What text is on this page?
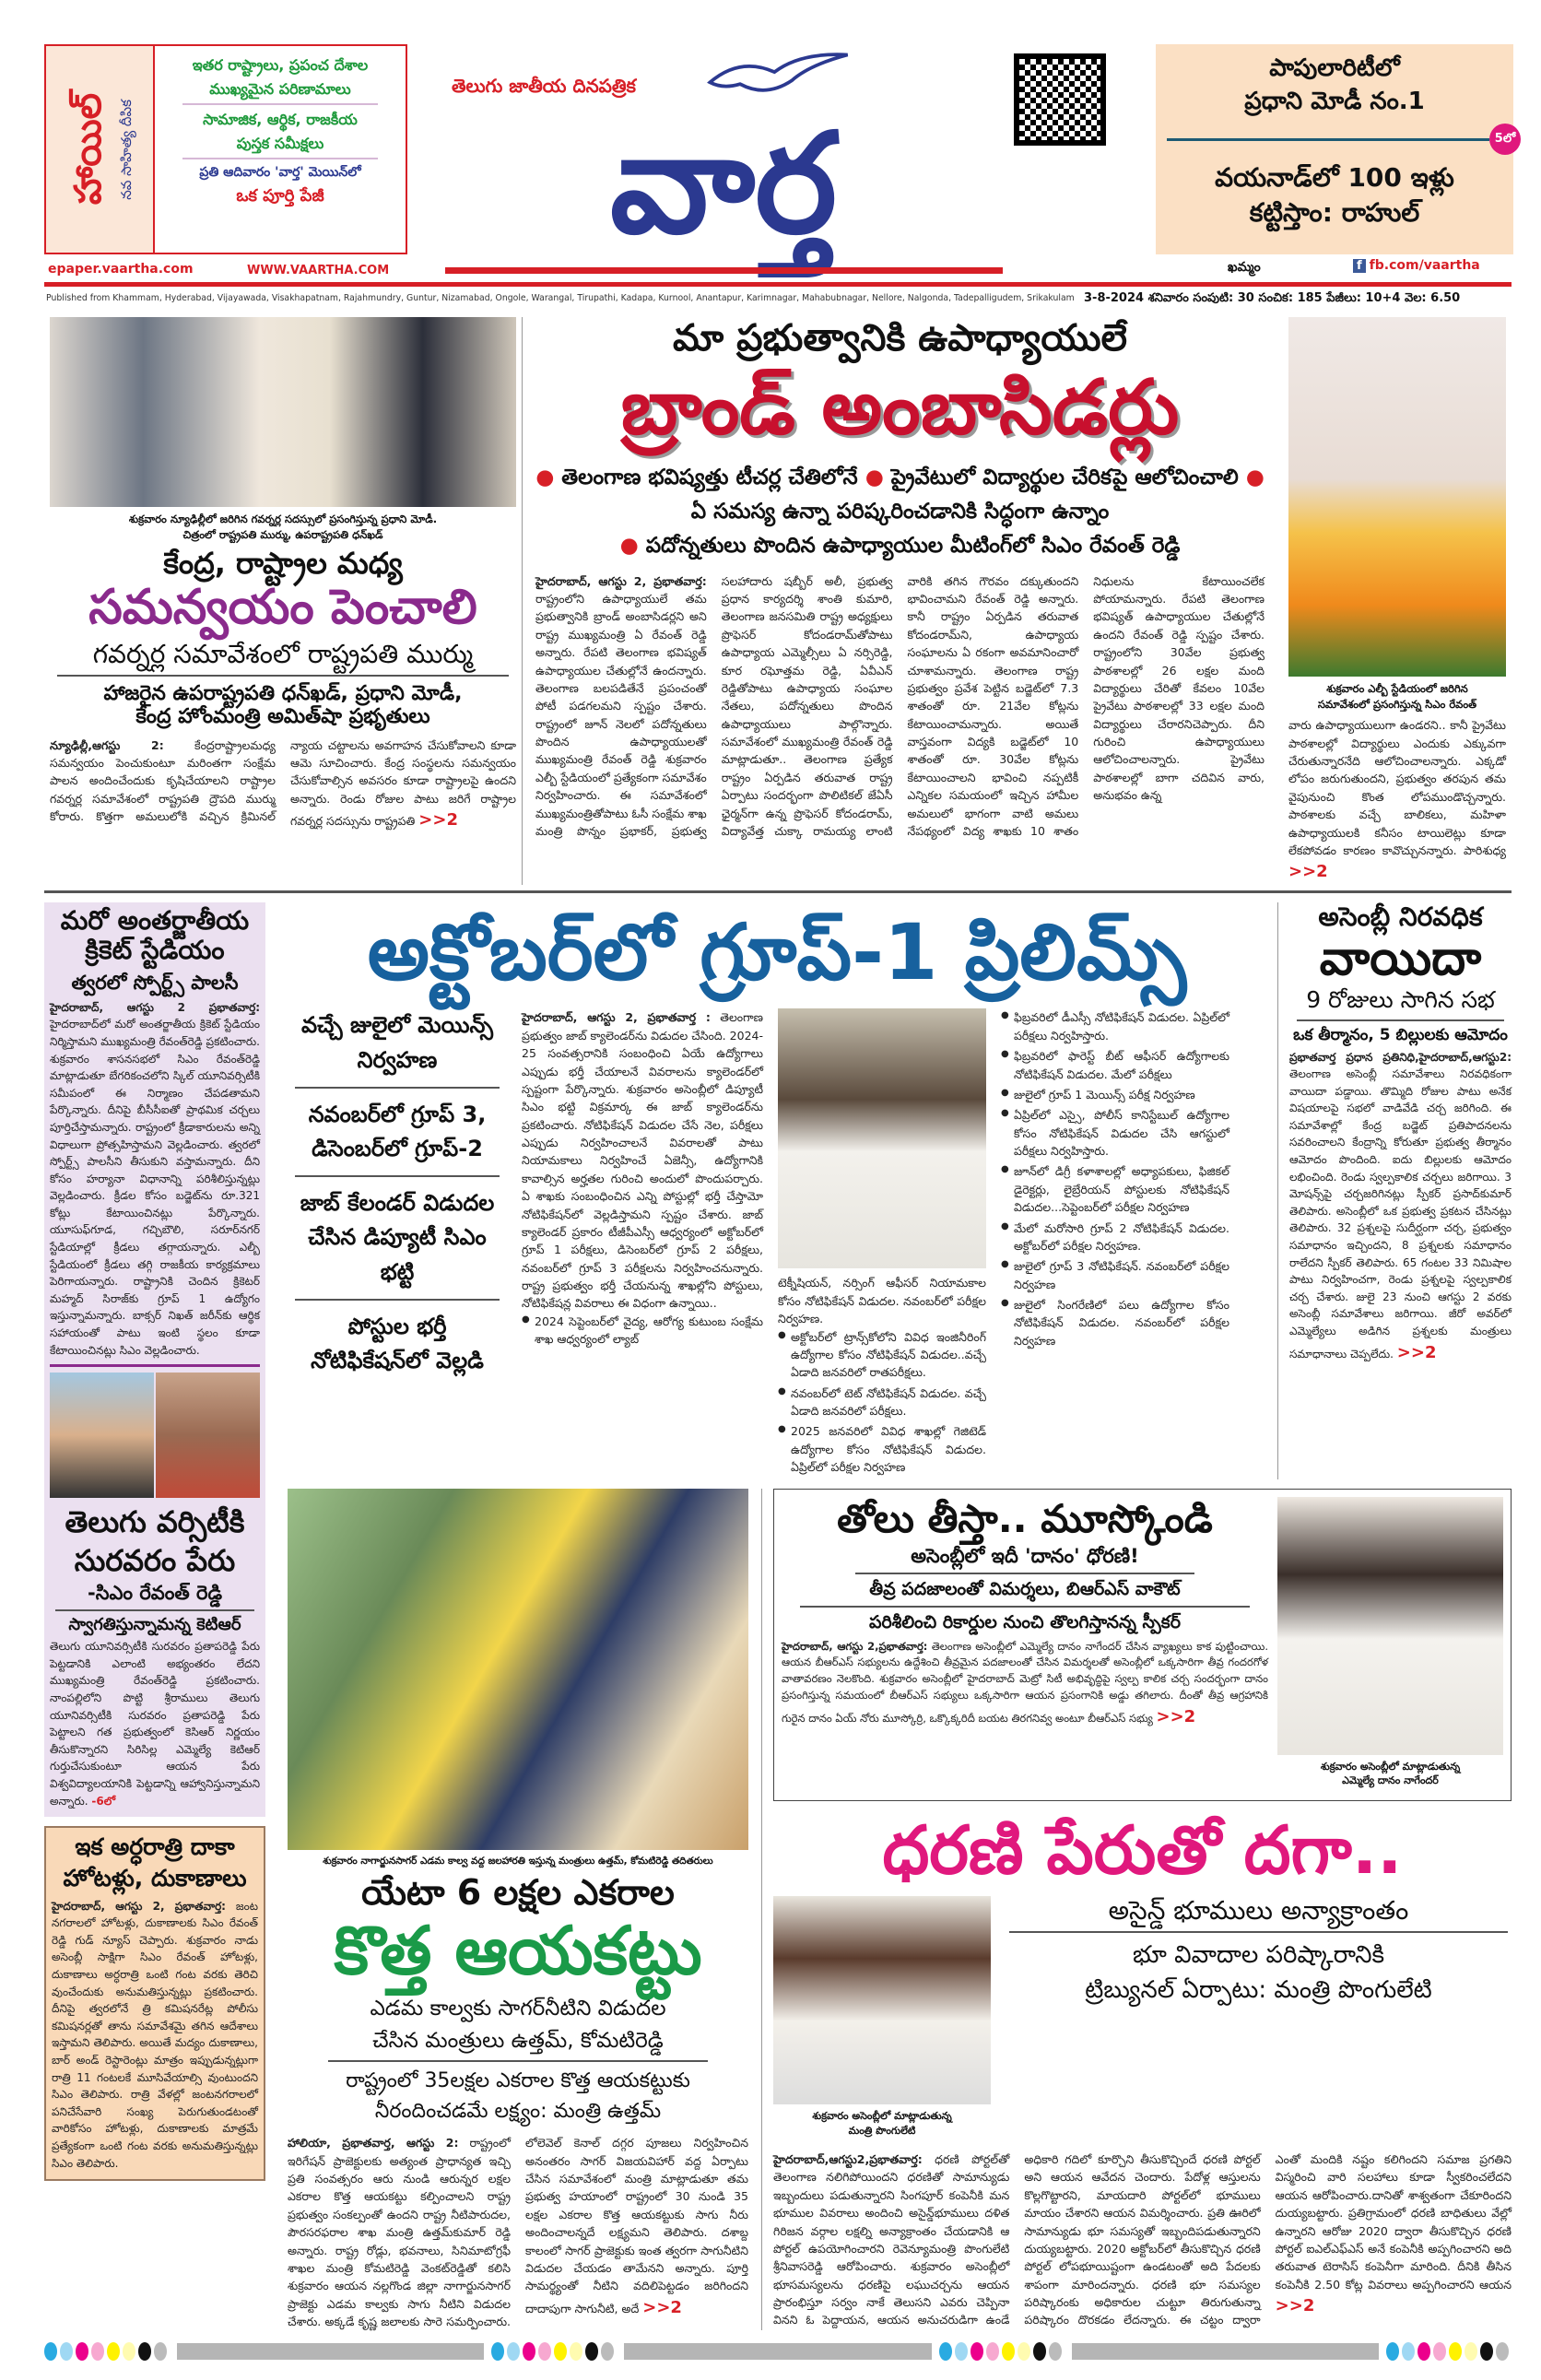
హాయిల్ నవ సాహిత్య దీపిక
ఇతర రాష్ట్రాలు, ప్రపంచ దేశాల
ముఖ్యమైన పరిణామాలు
సామాజిక, ఆర్థిక, రాజకీయ
పుస్తక సమీక్షలు
ప్రతి ఆదివారం 'వార్త' మెయిన్‌లో
ఒక పూర్తి పేజీ
epaper.vaartha.com	WWW.VAARTHA.COM
తెలుగు జాతీయ దినపత్రిక
వార్త
పాపులారిటీలో
ప్రధాని మోడీ నం.1
5లో
వయనాడ్‌లో 100 ఇళ్లు
కట్టిస్తాం: రాహుల్
ఖమ్మం	f fb.com/vaartha
Published from Khammam, Hyderabad, Vijayawada, Visakhapatnam, Rajahmundry, Guntur, Nizamabad, Ongole, Warangal, Tirupathi, Kadapa, Kurnool, Anantapur, Karimnagar, Mahabubnagar, Nellore, Nalgonda, Tadepalligudem, Srikakulam 3-8-2024 శనివారం సంపుటి: 30 సంచిక: 185 పేజీలు: 10+4 వెల: 6.50
శుక్రవారం న్యూఢిల్లీలో జరిగిన గవర్నర్ల సదస్సులో ప్రసంగిస్తున్న ప్రధాని మోడీ.
చిత్రంలో రాష్ట్రపతి ముర్ము, ఉపరాష్ట్రపతి ధన్‌ఖడ్
కేంద్ర, రాష్ట్రాల మధ్య
సమన్వయం పెంచాలి
గవర్నర్ల సమావేశంలో రాష్ట్రపతి ముర్ము
హాజరైన ఉపరాష్ట్రపతి ధన్‌ఖడ్, ప్రధాని మోడీ,
కేంద్ర హోంమంత్రి అమిత్‌షా ప్రభృతులు
న్యూఢిల్లీ,ఆగస్టు 2:	కేంద్రరాష్ట్రాలమధ్య సమన్వయం పెంచుకుంటూ మరింతగా సంక్షేమ పాలన అందించేందుకు కృషిచేయాలని రాష్ట్రాల గవర్నర్ల సమావేశంలో రాష్ట్రపతి ద్రౌపది ముర్ము కోరారు. కొత్తగా అమలులోకి వచ్చిన క్రిమినల్ న్యాయ చట్టాలను అవగాహన చేసుకోవాలని కూడా ఆమె సూచించారు. కేంద్ర సంస్థలను సమన్వయం చేసుకోవాల్సిన అవసరం కూడా రాష్ట్రాలపై ఉందని అన్నారు. రెండు రోజుల పాటు జరిగే రాష్ట్రాల గవర్నర్ల సదస్సును రాష్ట్రపతి >>2
మా ప్రభుత్వానికి ఉపాధ్యాయులే
బ్రాండ్ అంబాసిడర్లు
● తెలంగాణ భవిష్యత్తు టీచర్ల చేతిలోనే ● ప్రైవేటులో విద్యార్థుల చేరికపై ఆలోచించాలి ● ఏ సమస్య ఉన్నా పరిష్కరించడానికి సిద్ధంగా ఉన్నాం
● పదోన్నతులు పొందిన ఉపాధ్యాయుల మీటింగ్‌లో సిఎం రేవంత్ రెడ్డి
హైదరాబాద్, ఆగస్టు 2, ప్రభాతవార్త: రాష్ట్రంలోని ఉపాధ్యాయులే తమ ప్రభుత్వానికి బ్రాండ్ అంబాసిడర్లని అని రాష్ట్ర ముఖ్యమంత్రి ఏ రేవంత్ రెడ్డి అన్నారు. రేపటి తెలంగాణ భవిష్యత్ ఉపాధ్యాయుల చేతుల్లోనే ఉందన్నారు. తెలంగాణ బలపడితేనే ప్రపంచంతో పోటీ పడగలమని స్పష్టం చేశారు. రాష్ట్రంలో జూన్ నెలలో పదోన్నతులు పొందిన ఉపాధ్యాయులతో ముఖ్యమంత్రి రేవంత్ రెడ్డి శుక్రవారం ఎల్బీ స్టేడియంలో ప్రత్యేకంగా సమావేశం నిర్వహించారు. ఈ సమావేశంలో ముఖ్యమంత్రితోపాటు ఓసీ సంక్షేమ శాఖ మంత్రి పొన్నం ప్రభాకర్, ప్రభుత్వ సలహాదారు షబ్బీర్ అలీ, ప్రభుత్వ ప్రధాన కార్యదర్శి శాంతి కుమారి, తెలంగాణ జనసమితి రాష్ట్ర అధ్యక్షులు ప్రొఫెసర్ కోదండరామ్‌తోపాటు ఉపాధ్యాయ ఎమ్మెల్సీలు ఏ నర్సిరెడ్డి, కూర రఘోత్తమ రెడ్డి, ఏవీఎన్ రెడ్డితోపాటు ఉపాధ్యాయ సంఘాల నేతలు, పదోన్నతులు పొందిన ఉపాధ్యాయులు పాల్గొన్నారు. సమావేశంలో ముఖ్యమంత్రి రేవంత్ రెడ్డి మాట్లాడుతూ.. తెలంగాణ ప్రత్యేక రాష్ట్రం ఏర్పడిన తరువాత రాష్ట్ర ఏర్పాటు సందర్భంగా పొలిటికల్ జేఏసీ ఛైర్మన్‌గా ఉన్న ప్రొఫెసర్ కోదండరామ్, విద్యావేత్త చుక్కా రామయ్య లాంటి వారికి తగిన గౌరవం దక్కుతుందని భావించామని రేవంత్ రెడ్డి అన్నారు. కానీ రాష్ట్రం ఏర్పడిన తరువాత కోదండరామ్‌ని, ఉపాధ్యాయ సంఘాలను ఏ రకంగా అవమానించారో చూశామన్నారు. తెలంగాణ రాష్ట్ర ప్రభుత్వం ప్రవేశ పెట్టిన బడ్జెట్‌లో 7.3 శాతంతో రూ. 21వేల కోట్లను కేటాయించామన్నారు. అయితే వాస్తవంగా విద్యకి బడ్జెట్‌లో 10 శాతంతో రూ. 30వేల కోట్లను కేటాయించాలని భావించి నప్పటికీ ఎన్నికల సమయంలో ఇచ్చిన హామీల అమలులో భాగంగా వాటి అమలు నేపథ్యంలో విద్య శాఖకు 10 శాతం నిధులను కేటాయించలేక పోయామన్నారు. రేపటి తెలంగాణ భవిష్యత్ ఉపాధ్యాయుల చేతుల్లోనే ఉందని రేవంత్ రెడ్డి స్పష్టం చేశారు. రాష్ట్రంలోని 30వేల ప్రభుత్వ పాఠశాలల్లో 26 లక్షల మంది విద్యార్థులు చేరితో కేవలం 10వేల ప్రైవేటు పాఠశాలల్లో 33 లక్షల మంది విద్యార్థులు చేరారనిచెప్పారు. దీని గురించి ఉపాధ్యాయులు ఆలోచించాలన్నారు. ప్రైవేటు పాఠశాలల్లో బాగా చదివిన వారు, అనుభవం ఉన్న
శుక్రవారం ఎల్బీ స్టేడియంలో జరిగిన
సమావేశంలో ప్రసంగిస్తున్న సిఎం రేవంత్
వారు ఉపాధ్యాయులుగా ఉండరని.. కానీ ప్రైవేటు పాఠశాలల్లో విద్యార్థులు ఎందుకు ఎక్కువగా చేరుతున్నారనేది ఆలోచించాలన్నారు. ఎక్కడో లోపం జరుగుతుందని, ప్రభుత్వం తరపున తమ వైపునుంచి కొంత లోపముండొచ్చన్నారు. పాఠశాలకు వచ్చే బాలికలు, మహిళా ఉపాధ్యాయులకి కనీసం టాయిలెట్లు కూడా లేకపోవడం కారణం కావొచ్చునన్నారు. పారిశుధ్య >>2
మరో అంతర్జాతీయ
క్రికెట్ స్టేడియం
త్వరలో స్పోర్ట్స్ పాలసీ
హైదరాబాద్, ఆగస్టు 2 ప్రభాతవార్త: హైదరాబాద్‌లో మరో అంతర్జాతీయ క్రికెట్ స్టేడియం నిర్మిస్తామని ముఖ్యమంత్రి రేవంత్‌రెడ్డి ప్రకటించారు. శుక్రవారం శాసనసభలో సిఎం రేవంత్‌రెడ్డి మాట్లాడుతూ బేగరికంచలోని స్కిల్ యూనివర్సిటీకి సమీపంలో ఈ నిర్మాణం చేపడతామని పేర్కొన్నారు. దీనిపై బీసీసీఐతో ప్రాథమిక చర్చలు పూర్తిచేస్తామన్నారు. రాష్ట్రంలో క్రీడాకారులను అన్ని విధాలుగా ప్రోత్సహిస్తామని వెల్లడించారు. త్వరలో స్పోర్ట్స్ పాలసీని తీసుకుని వస్తామన్నారు. దీని కోసం హర్యానా విధానాన్ని పరిశీలిస్తున్నట్లు వెల్లడించారు. క్రీడల కోసం బడ్జెట్‌ను రూ.321 కోట్లు కేటాయించినట్లు పేర్కొన్నారు. యూసుఫ్‌గూడ, గచ్చిబౌలి, సరూర్‌నగర్ స్టేడియాల్లో క్రీడలు తగ్గాయన్నారు. ఎల్బీ స్టేడియంలో క్రీడలు తగ్గి రాజకీయ కార్యక్రమాలు పెరిగాయన్నారు. రాష్ట్రానికి చెందిన క్రికెటర్ మహ్మద్ సిరాజ్‌కు గ్రూప్ 1 ఉద్యోగం ఇస్తున్నామన్నారు. బాక్సర్ నిఖత్ జరీన్‌కు ఆర్థిక సహాయంతో పాటు ఇంటి స్థలం కూడా కేటాయించినట్లు సిఎం వెల్లడించారు.
తెలుగు వర్సిటీకి
సురవరం పేరు
-సిఎం రేవంత్ రెడ్డి
స్వాగతిస్తున్నామన్న కెటిఆర్
తెలుగు యూనివర్సిటీకి సురవరం ప్రతాపరెడ్డి పేరు పెట్టడానికి ఎలాంటి అభ్యంతరం లేదని ముఖ్యమంత్రి రేవంత్‌రెడ్డి ప్రకటించారు. నాంపల్లిలోని పొట్టి శ్రీరాములు తెలుగు యూనివర్సిటీకి సురవరం ప్రతాపరెడ్డి పేరు పెట్టాలని గత ప్రభుత్వంలో కెసిఆర్ నిర్ణయం తీసుకొన్నారని సిరిసిల్ల ఎమ్మెల్యే కెటిఆర్ గుర్తుచేసుకుంటూ ఆయన పేరు విశ్వవిద్యాలయానికి పెట్టడాన్ని ఆహ్వానిస్తున్నామని అన్నారు. -6లో
ఇక అర్ధరాత్రి దాకా
హోటళ్లు, దుకాణాలు
హైదరాబాద్, ఆగస్టు 2, ప్రభాతవార్త: జంట నగరాలలో హోటళ్లు, దుకాణాలకు సిఎం రేవంత్ రెడ్డి గుడ్ న్యూస్ చెప్పారు. శుక్రవారం నాడు అసెంబ్లీ సాక్షిగా సిఎం రేవంత్ హోటళ్లు, దుకాణాలు అర్ధరాత్రి ఒంటి గంట వరకు తెరిచి వుంచేందుకు అనుమతిస్తున్నట్లు ప్రకటించారు. దీనిపై త్వరలోనే త్రి కమిషనరేట్ల పోలీసు కమిషనర్లతో తాను సమావేశమై తగిన ఆదేశాలు ఇస్తామని తెలిపారు. అయితే మద్యం దుకాణాలు, బార్ అండ్ రెస్టారెంట్లు మాత్రం ఇప్పుడున్నట్లుగా రాత్రి 11 గంటలకే మూసివేయాల్సి వుంటుందని సిఎం తెలిపారు. రాత్రి వేళల్లో జంటనగరాలలో పనిచేసేవారి సంఖ్య పెరుగుతుండటంతో వారికోసం హోటళ్లు, దుకాణాలకు మాత్రమే ప్రత్యేకంగా ఒంటి గంట వరకు అనుమతిస్తున్నట్లు సిఎం తెలిపారు.
అక్టోబర్‌లో గ్రూప్-1 ప్రిలిమ్స్
వచ్చే జులైలో మెయిన్స్ నిర్వహణ
నవంబర్‌లో గ్రూప్ 3, డిసెంబర్‌లో గ్రూప్-2
జాబ్ కేలండర్ విడుదల చేసిన డిప్యూటీ సిఎం భట్టి
పోస్టుల భర్తీ నోటిఫికేషన్‌లో వెల్లడి
హైదరాబాద్, ఆగస్టు 2, ప్రభాతవార్త : తెలంగాణ ప్రభుత్వం జాబ్ క్యాలెండర్‌ను విడుదల చేసింది. 2024-25 సంవత్సరానికి సంబంధించి ఏయే ఉద్యోగాలు ఎప్పుడు భర్తీ చేయాలనే వివరాలను క్యాలెండర్‌లో స్పష్టంగా పేర్కొన్నారు. శుక్రవారం అసెంబ్లీలో డిప్యూటీ సిఎం భట్టి విక్రమార్క ఈ జాబ్ క్యాలెండర్‌ను ప్రకటించారు. నోటిఫికేషన్ విడుదల చేసే నెల, పరీక్షలు ఎప్పుడు నిర్వహించాలనే వివరాలతో పాటు నియామకాలు నిర్వహించే ఏజెన్సీ, ఉద్యోగానికి కావాల్సిన అర్హతల గురించి అందులో పొందుపర్చారు. ఏ శాఖకు సంబంధించిన ఎన్ని పోస్టుల్లో భర్తీ చేస్తామో నోటిఫికేషన్‌లో వెల్లడిస్తామని స్పష్టం చేశారు. జాబ్ క్యాలెండర్ ప్రకారం టీజీపీఎస్సీ ఆధ్వర్యంలో అక్టోబర్‌లో గ్రూప్ 1 పరీక్షలు, డిసెంబర్‌లో గ్రూప్ 2 పరీక్షలు, నవంబర్‌లో గ్రూప్ 3 పరీక్షలను నిర్వహించనున్నారు. రాష్ట్ర ప్రభుత్వం భర్తీ చేయనున్న శాఖల్లోని పోస్టులు, నోటిఫికేషన్ల వివరాలు ఈ విధంగా ఉన్నాయి..
● 2024 సెప్టెంబర్‌లో వైద్య, ఆరోగ్య కుటుంబ సంక్షేమ శాఖ ఆధ్వర్యంలో ల్యాబ్
టెక్నీషియన్, నర్సింగ్ ఆఫీసర్ నియామకాల కోసం నోటిఫికేషన్ విడుదల. నవంబర్‌లో పరీక్షల నిర్వహణ.
● అక్టోబర్‌లో ట్రాన్స్‌కోలోని వివిధ ఇంజినీరింగ్ ఉద్యోగాల కోసం నోటిఫికేషన్ విడుదల..వచ్చే ఏడాది జనవరిలో రాతపరీక్షలు.
● నవంబర్‌లో టెట్ నోటిఫికేషన్ విడుదల. వచ్చే ఏడాది జనవరిలో పరీక్షలు.
● 2025 జనవరిలో వివిధ శాఖల్లో గెజిటెడ్ ఉద్యోగాల కోసం నోటిఫికేషన్ విడుదల. ఏప్రిల్‌లో పరీక్షల నిర్వహణ
● ఫిబ్రవరిలో డీఎస్సీ నోటిఫికేషన్ విడుదల. ఏప్రిల్‌లో పరీక్షలు నిర్వహిస్తారు.
● ఫిబ్రవరిలో ఫారెస్ట్ బీట్ ఆఫీసర్ ఉద్యోగాలకు నోటిఫికేషన్ విడుదల. మేలో పరీక్షలు
● జులైలో గ్రూప్ 1 మెయిన్స్ పరీక్ష నిర్వహణ
● ఏప్రిల్‌లో ఎస్సై, పోలీస్ కానిస్టేబుల్ ఉద్యోగాల కోసం నోటిఫికేషన్ విడుదల చేసి ఆగస్టులో పరీక్షలు నిర్వహిస్తారు.
● జూన్‌లో డిగ్రీ కళాశాలల్లో అధ్యాపకులు, ఫిజికల్ డైరెక్టర్లు, లైబ్రేరియన్ పోస్టులకు నోటిఫికేషన్ విడుదల...సెప్టెంబర్‌లో పరీక్షల నిర్వహణ
● మేలో మరోసారి గ్రూప్ 2 నోటిఫికేషన్ విడుదల. అక్టోబర్‌లో పరీక్షల నిర్వహణ.
● జులైలో గ్రూప్ 3 నోటిఫికేషన్. నవంబర్‌లో పరీక్షల నిర్వహణ
● జులైలో సింగరేణిలో పలు ఉద్యోగాల కోసం నోటిఫికేషన్ విడుదల. నవంబర్‌లో పరీక్షల నిర్వహణ
అసెంబ్లీ నిరవధిక
వాయిదా
9 రోజులు సాగిన సభ
ఒక తీర్మానం, 5 బిల్లులకు ఆమోదం
ప్రభాతవార్త ప్రధాన ప్రతినిధి,హైదరాబాద్,ఆగస్టు2: తెలంగాణ అసెంబ్లీ సమావేశాలు నిరవధికంగా వాయిదా పడ్డాయి. తొమ్మిది రోజుల పాటు అనేక విషయాలపై సభలో వాడివేడి చర్చ జరిగింది. ఈ సమావేశాల్లో కేంద్ర బడ్జెట్ ప్రతిపాదనలను సవరించాలని కేంద్రాన్ని కోరుతూ ప్రభుత్వ తీర్మానం ఆమోదం పొందింది. ఐదు బిల్లులకు ఆమోదం లభించింది. రెండు స్వల్పకాలిక చర్చలు జరిగాయి. 3 మోషన్స్‌పై చర్చజరిగినట్లు స్పీకర్ ప్రసాద్‌కుమార్ తెలిపారు. అసెంబ్లీలో ఒక ప్రభుత్వ ప్రకటన చేసినట్లు తెలిపారు. 32 ప్రశ్నలపై సుదీర్ఘంగా చర్చ, ప్రభుత్వం సమాధానం ఇచ్చిందని, 8 ప్రశ్నలకు సమాధానం రాలేదని స్పీకర్ తెలిపారు. 65 గంటల 33 నిమిషాల పాటు నిర్వహించగా, రెండు ప్రశ్నలపై స్వల్పకాలిక చర్చ చేశారు. జులై 23 నుంచి ఆగస్టు 2 వరకు అసెంబ్లీ సమావేశాలు జరిగాయి. జీరో అవర్‌లో ఎమ్మెల్యేలు అడిగిన ప్రశ్నలకు మంత్రులు సమాధానాలు చెప్పలేదు. >>2
శుక్రవారం నాగార్జునసాగర్ ఎడమ కాల్వ వద్ద జలహారతి ఇస్తున్న మంత్రులు ఉత్తమ్, కోమటిరెడ్డి తదితరులు
యేటా 6 లక్షల ఎకరాల
కొత్త ఆయకట్టు
ఎడమ కాల్వకు సాగర్‌నీటిని విడుదల
చేసిన మంత్రులు ఉత్తమ్, కోమటిరెడ్డి
రాష్ట్రంలో 35లక్షల ఎకరాల కొత్త ఆయకట్టుకు
నీరందించడమే లక్ష్యం: మంత్రి ఉత్తమ్
హాలియా, ప్రభాతవార్త, ఆగస్టు 2: రాష్ట్రంలో ఇరిగేషన్ ప్రాజెక్టులకు అత్యంత ప్రాధాన్యత ఇచ్చి ప్రతి సంవత్సరం ఆరు నుండి ఆరున్నర లక్షల ఎకరాల కొత్త ఆయకట్టు కల్పించాలని రాష్ట్ర ప్రభుత్వం సంకల్పంతో ఉందని రాష్ట్ర నీటిపారుదల, పౌరసరఫరాల శాఖ మంత్రి ఉత్తమ్‌కుమార్ రెడ్డి అన్నారు. రాష్ట్ర రోడ్లు, భవనాలు, సినిమాటోగ్రఫీ శాఖల మంత్రి కోమటిరెడ్డి వెంకట్‌రెడ్డితో కలిసి శుక్రవారం ఆయన నల్లగొండ జిల్లా నాగార్జునసాగర్ ప్రాజెక్టు ఎడమ కాల్వకు సాగు నీటిని విడుదల చేశారు. అక్కడే కృష్ణ జలాలకు సారె సమర్పించారు. లోలెవెల్ కెనాల్ దగ్గర పూజలు నిర్వహించిన అనంతరం సాగర్ విజయవిహార్ వద్ద ఏర్పాటు చేసిన సమావేశంలో మంత్రి మాట్లాడుతూ తమ ప్రభుత్వ హయాంలో రాష్ట్రంలో 30 నుండి 35 లక్షల ఎకరాల కొత్త ఆయకట్టుకు సాగు నీరు అందించాలన్నదే లక్ష్యమని తెలిపారు. దశాబ్ద కాలంలో సాగర్ ప్రాజెక్టుకు ఇంత త్వరగా సాగునీటిని విడుదల చేయడం తామేనని అన్నారు. పూర్తి సామర్థ్యంతో నీటిని వదిలిపెట్టడం జరిగిందని దాదాపుగా సాగునీటి, అదే >>2
తోలు తీస్తా.. మూస్కోండి
అసెంబ్లీలో ఇదీ 'దానం' ధోరణి!
తీవ్ర పదజాలంతో విమర్శలు, బిఆర్ఎస్ వాకౌట్
పరిశీలించి రికార్డుల నుంచి తొలగిస్తానన్న స్పీకర్
హైదరాబాద్, ఆగస్టు 2,ప్రభాతవార్త: తెలంగాణ అసెంబ్లీలో ఎమ్మెల్యే దానం నాగేందర్ చేసిన వ్యాఖ్యలు కాక పుట్టించాయి. ఆయన బీఆర్ఎస్ సభ్యులను ఉద్దేశించి తీవ్రమైన పదజాలంతో చేసిన విమర్శలతో అసెంబ్లీలో ఒక్కసారిగా తీవ్ర గందరగోళ వాతావరణం నెలకొంది. శుక్రవారం అసెంబ్లీలో హైదరాబాద్ మెట్రో సిటీ అభివృద్ధిపై స్వల్ప కాలిక చర్చ సందర్భంగా దానం ప్రసంగిస్తున్న సమయంలో బీఆర్ఎస్ సభ్యులు ఒక్కసారిగా ఆయన ప్రసంగానికి అడ్డు తగిలారు. దీంతో తీవ్ర ఆగ్రహానికి గురైన దానం ఏయ్ నోరు మూస్కోర్రి, ఒక్కొక్కరిదీ బయట తిరగనివ్వ అంటూ బీఆర్ఎస్ సభ్యు >>2
శుక్రవారం అసెంబ్లీలో మాట్లాడుతున్న
ఎమ్మెల్యే దానం నాగేందర్
ధరణి పేరుతో దగా..
శుక్రవారం అసెంబ్లీలో మాట్లాడుతున్న
మంత్రి పొంగులేటి
అసైన్డ్ భూములు అన్యాక్రాంతం
భూ వివాదాల పరిష్కారానికి
ట్రిబ్యునల్ ఏర్పాటు: మంత్రి పొంగులేటి
హైదరాబాద్,ఆగస్టు2,ప్రభాతవార్త: ధరణి పోర్టల్‌తో తెలంగాణ నలిగిపోయిందని ధరణితో సామాన్యుడు ఇబ్బందులు పడుతున్నారని సింగపూర్ కంపెనీకి మన భూముల వివరాలు అందించి అసైన్డ్‌భూములు దళిత గిరిజన వర్గాల లక్షల్ని అన్యాక్రాంతం చేయడానికి ఆ పోర్టల్ ఉపయోగించారని రెవెన్యూమంత్రి పొంగులేటి శ్రీనివాసరెడ్డి ఆరోపించారు. శుక్రవారం అసెంబ్లీలో భూసమస్యలను ధరణిపై లఘుచర్చను ఆయన ప్రారంభిస్తూ సర్వం నాకే తెలుసని ఎవరు చెప్పినా వినని ఓ పెద్దాయన, ఆయన అనుచరుడిగా ఉండే అధికారి గదిలో కూర్చొని తీసుకొచ్చిందే ధరణి పోర్టల్ అని ఆయన ఆవేదన చెందారు. పేదోళ్ల ఆస్తులను కొల్లగొట్టారని, మాయదారి పోర్టల్‌లో భూములు మాయం చేశారని ఆయన విమర్శించారు. ప్రతి ఊరిలో సామాన్యుడు భూ సమస్యతో ఇబ్బందిపడుతున్నారని దుయ్యబట్టారు. 2020 అక్టోబర్‌లో తీసుకొచ్చిన ధరణి పోర్టల్ లోపభూయిష్టంగా ఉండటంతో అది పేదలకు శాపంగా మారిందన్నారు. ధరణి భూ సమస్యల పరిష్కారంకు అధికారుల చుట్టూ తిరుగుతున్నా పరిష్కారం దొరకడం లేదన్నారు. ఈ చట్టం ద్వారా ఎంతో మందికి నష్టం కలిగిందని సమాజ ప్రగతిని విస్మరించి వారి సలహాలు కూడా స్వీకరించలేదని ఆయన ఆరోపించారు.దానితో శాశ్వతంగా చేకూరిందని దుయ్యబట్టారు. ప్రతిగ్రామంలో ధరణి బాధితులు వేల్లో ఉన్నారని ఆరోజు 2020 ద్వారా తీసుకొచ్చిన ధరణి పోర్టల్ ఐఎల్ఎఫ్ఎస్ అనే కంపెనీకి అప్పగించారని అది తరువాత టెరాసిస్ కంపెనీగా మారింది. దీనికి తీసిన కంపెనీకి 2.50 కోట్ల వివరాలు అప్పగించారని ఆయన >>2
